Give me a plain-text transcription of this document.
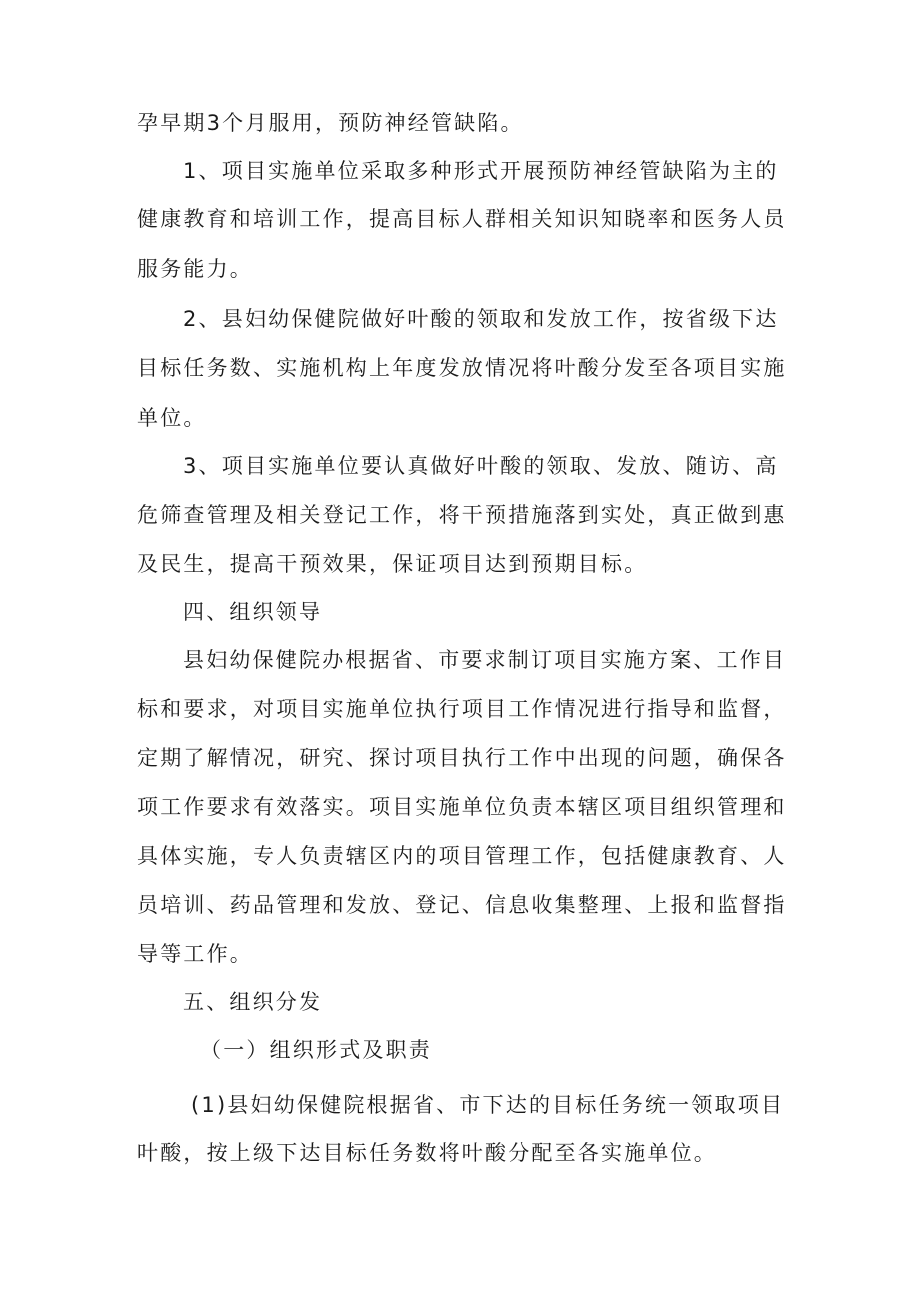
孕早期3个月服用，预防神经管缺陷。
1、项目实施单位采取多种形式开展预防神经管缺陷为主的
健康教育和培训工作，提高目标人群相关知识知晓率和医务人员
服务能力。
2、县妇幼保健院做好叶酸的领取和发放工作，按省级下达
目标任务数、实施机构上年度发放情况将叶酸分发至各项目实施
单位。
3、项目实施单位要认真做好叶酸的领取、发放、随访、高
危筛查管理及相关登记工作，将干预措施落到实处，真正做到惠
及民生，提高干预效果，保证项目达到预期目标。
四、组织领导
县妇幼保健院办根据省、市要求制订项目实施方案、工作目
标和要求，对项目实施单位执行项目工作情况进行指导和监督，
定期了解情况，研究、探讨项目执行工作中出现的问题，确保各
项工作要求有效落实。项目实施单位负责本辖区项目组织管理和
具体实施，专人负责辖区内的项目管理工作，包括健康教育、人
员培训、药品管理和发放、登记、信息收集整理、上报和监督指
导等工作。
五、组织分发
（一）组织形式及职责
(1)县妇幼保健院根据省、市下达的目标任务统一领取项目
叶酸，按上级下达目标任务数将叶酸分配至各实施单位。
